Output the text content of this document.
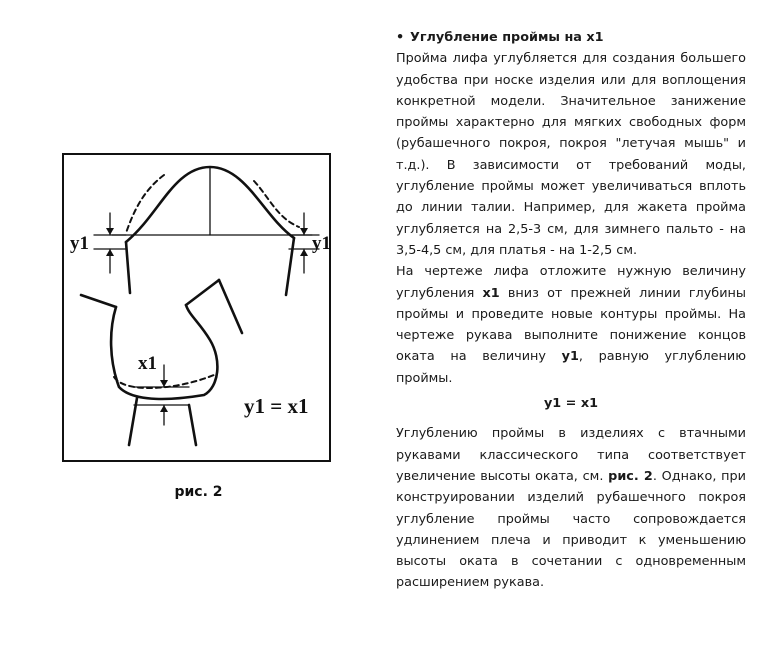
y1	y1
x1
y1 = x1
рис. 2

• Углубление проймы на x1

Пройма лифа углубляется для создания большего удобства при носке изделия или для воплощения конкретной модели. Значительное занижение проймы характерно для мягких свободных форм (рубашечного покроя, покроя "летучая мышь" и т.д.). В зависимости от требований моды, углубление проймы может увеличиваться вплоть до линии талии. Например, для жакета пройма углубляется на 2,5-3 см, для зимнего пальто - на 3,5-4,5 см, для платья - на 1-2,5 см.

На чертеже лифа отложите нужную величину углубления x1 вниз от прежней линии глубины проймы и проведите новые контуры проймы. На чертеже рукава выполните понижение концов оката на величину y1, равную углублению проймы.

y1 = x1

Углублению проймы в изделиях с втачными рукавами классического типа соответствует увеличение высоты оката, см. рис. 2. Однако, при конструировании изделий рубашечного покроя углубление проймы часто сопровождается удлинением плеча и приводит к уменьшению высоты оката в сочетании с одновременным расширением рукава.
